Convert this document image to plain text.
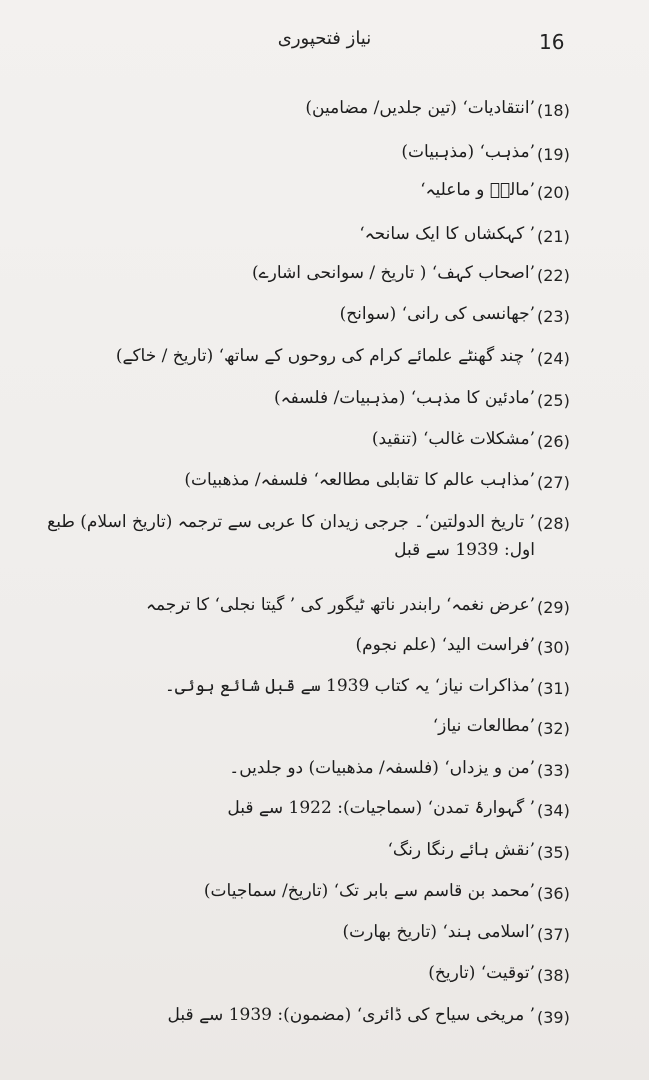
نیاز فتحپوری	16
’انتقادیات‘ (تین جلدیں/ مضامین) (18)
’مذہب‘ (مذہبیات) (19)
’مالہٗ و ماعلیہ‘ (20)
’ کہکشاں کا ایک سانحہ‘ (21)
’اصحاب کہف‘ ( تاریخ / سوانحی اشارے) (22)
’جھانسی کی رانی‘ (سوانح) (23)
’ چند گھنٹے علمائے کرام کی روحوں کے ساتھ‘ (تاریخ / خاکے) (24)
’مادئین کا مذہب‘ (مذہبیات/ فلسفہ) (25)
’مشکلات غالب‘ (تنقید) (26)
’مذاہب عالم کا تقابلی مطالعہ‘ فلسفہ/ مذھبیات) (27)
’ تاریخ الدولتین‘۔ جرجی زیدان کا عربی سے ترجمہ (تاریخ اسلام) طبع اول: 1939 سے قبل
(28)
’عرض نغمہ‘ رابندر ناتھ ٹیگور کی ’ گیتا نجلی‘ کا ترجمہ (29)
’فراست الید‘ (علم نجوم) (30)
’مذاکرات نیاز‘ یہ کتاب 1939 سے قبل شائع ہوئی۔ (31)
’مطالعات نیاز‘ (32)
’من و یزداں‘ (فلسفہ/ مذھبیات) دو جلدیں۔ (33)
’ گہوارۂ تمدن‘ (سماجیات): 1922 سے قبل (34)
’نقش ہائے رنگا رنگ‘ (35)
’محمد بن قاسم سے بابر تک‘ (تاریخ/ سماجیات) (36)
’اسلامی ہند‘ (تاریخ بھارت) (37)
’توقیت‘ (تاریخ) (38)
’ مریخی سیاح کی ڈائری‘ (مضمون): 1939 سے قبل (39)
